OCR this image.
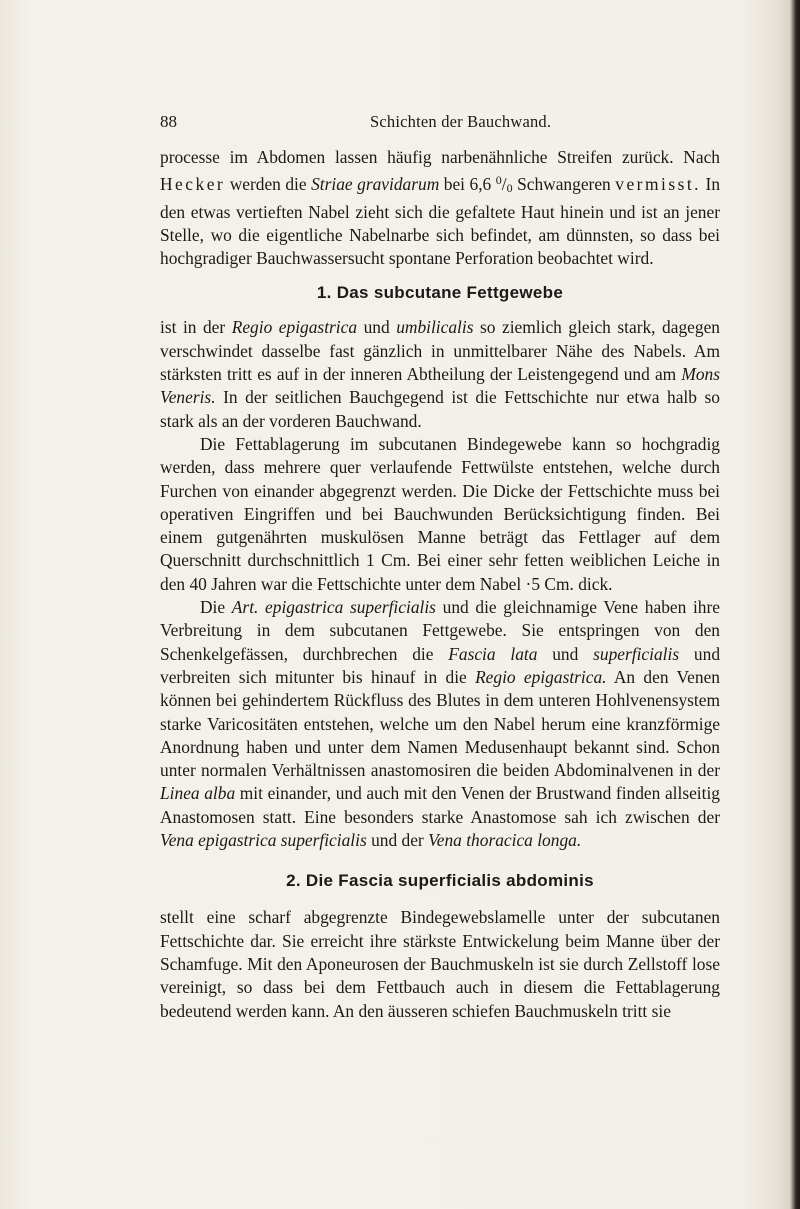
88	Schichten der Bauchwand.

processe im Abdomen lassen häufig narbenähnliche Streifen zurück. Nach Hecker werden die Striae gravidarum bei 6,6 $^0$/0 Schwangeren vermisst. In den etwas vertieften Nabel zieht sich die gefaltete Haut hinein und ist an jener Stelle, wo die eigentliche Nabelnarbe sich befindet, am dünnsten, so dass bei hochgradiger Bauchwassersucht spontane Perforation beobachtet wird.

1. Das subcutane Fettgewebe

ist in der Regio epigastrica und umbilicalis so ziemlich gleich stark, dagegen verschwindet dasselbe fast gänzlich in unmittelbarer Nähe des Nabels. Am stärksten tritt es auf in der inneren Abtheilung der Leistengegend und am Mons Veneris. In der seitlichen Bauchgegend ist die Fettschichte nur etwa halb so stark als an der vorderen Bauchwand.

Die Fettablagerung im subcutanen Bindegewebe kann so hochgradig werden, dass mehrere quer verlaufende Fettwülste entstehen, welche durch Furchen von einander abgegrenzt werden. Die Dicke der Fettschichte muss bei operativen Eingriffen und bei Bauchwunden Berücksichtigung finden. Bei einem gutgenährten muskulösen Manne beträgt das Fettlager auf dem Querschnitt durchschnittlich 1 Cm. Bei einer sehr fetten weiblichen Leiche in den 40 Jahren war die Fettschichte unter dem Nabel ·5 Cm. dick.

Die Art. epigastrica superficialis und die gleichnamige Vene haben ihre Verbreitung in dem subcutanen Fettgewebe. Sie entspringen von den Schenkelgefässen, durchbrechen die Fascia lata und superficialis und verbreiten sich mitunter bis hinauf in die Regio epigastrica. An den Venen können bei gehindertem Rückfluss des Blutes in dem unteren Hohlvenensystem starke Varicositäten entstehen, welche um den Nabel herum eine kranzförmige Anordnung haben und unter dem Namen Medusenhaupt bekannt sind. Schon unter normalen Verhältnissen anastomosiren die beiden Abdominalvenen in der Linea alba mit einander, und auch mit den Venen der Brustwand finden allseitig Anastomosen statt. Eine besonders starke Anastomose sah ich zwischen der Vena epigastrica superficialis und der Vena thoracica longa.

2. Die Fascia superficialis abdominis

stellt eine scharf abgegrenzte Bindegewebslamelle unter der subcutanen Fettschichte dar. Sie erreicht ihre stärkste Entwickelung beim Manne über der Schamfuge. Mit den Aponeurosen der Bauchmuskeln ist sie durch Zellstoff lose vereinigt, so dass bei dem Fettbauch auch in diesem die Fettablagerung bedeutend werden kann. An den äusseren schiefen Bauchmuskeln tritt sie
